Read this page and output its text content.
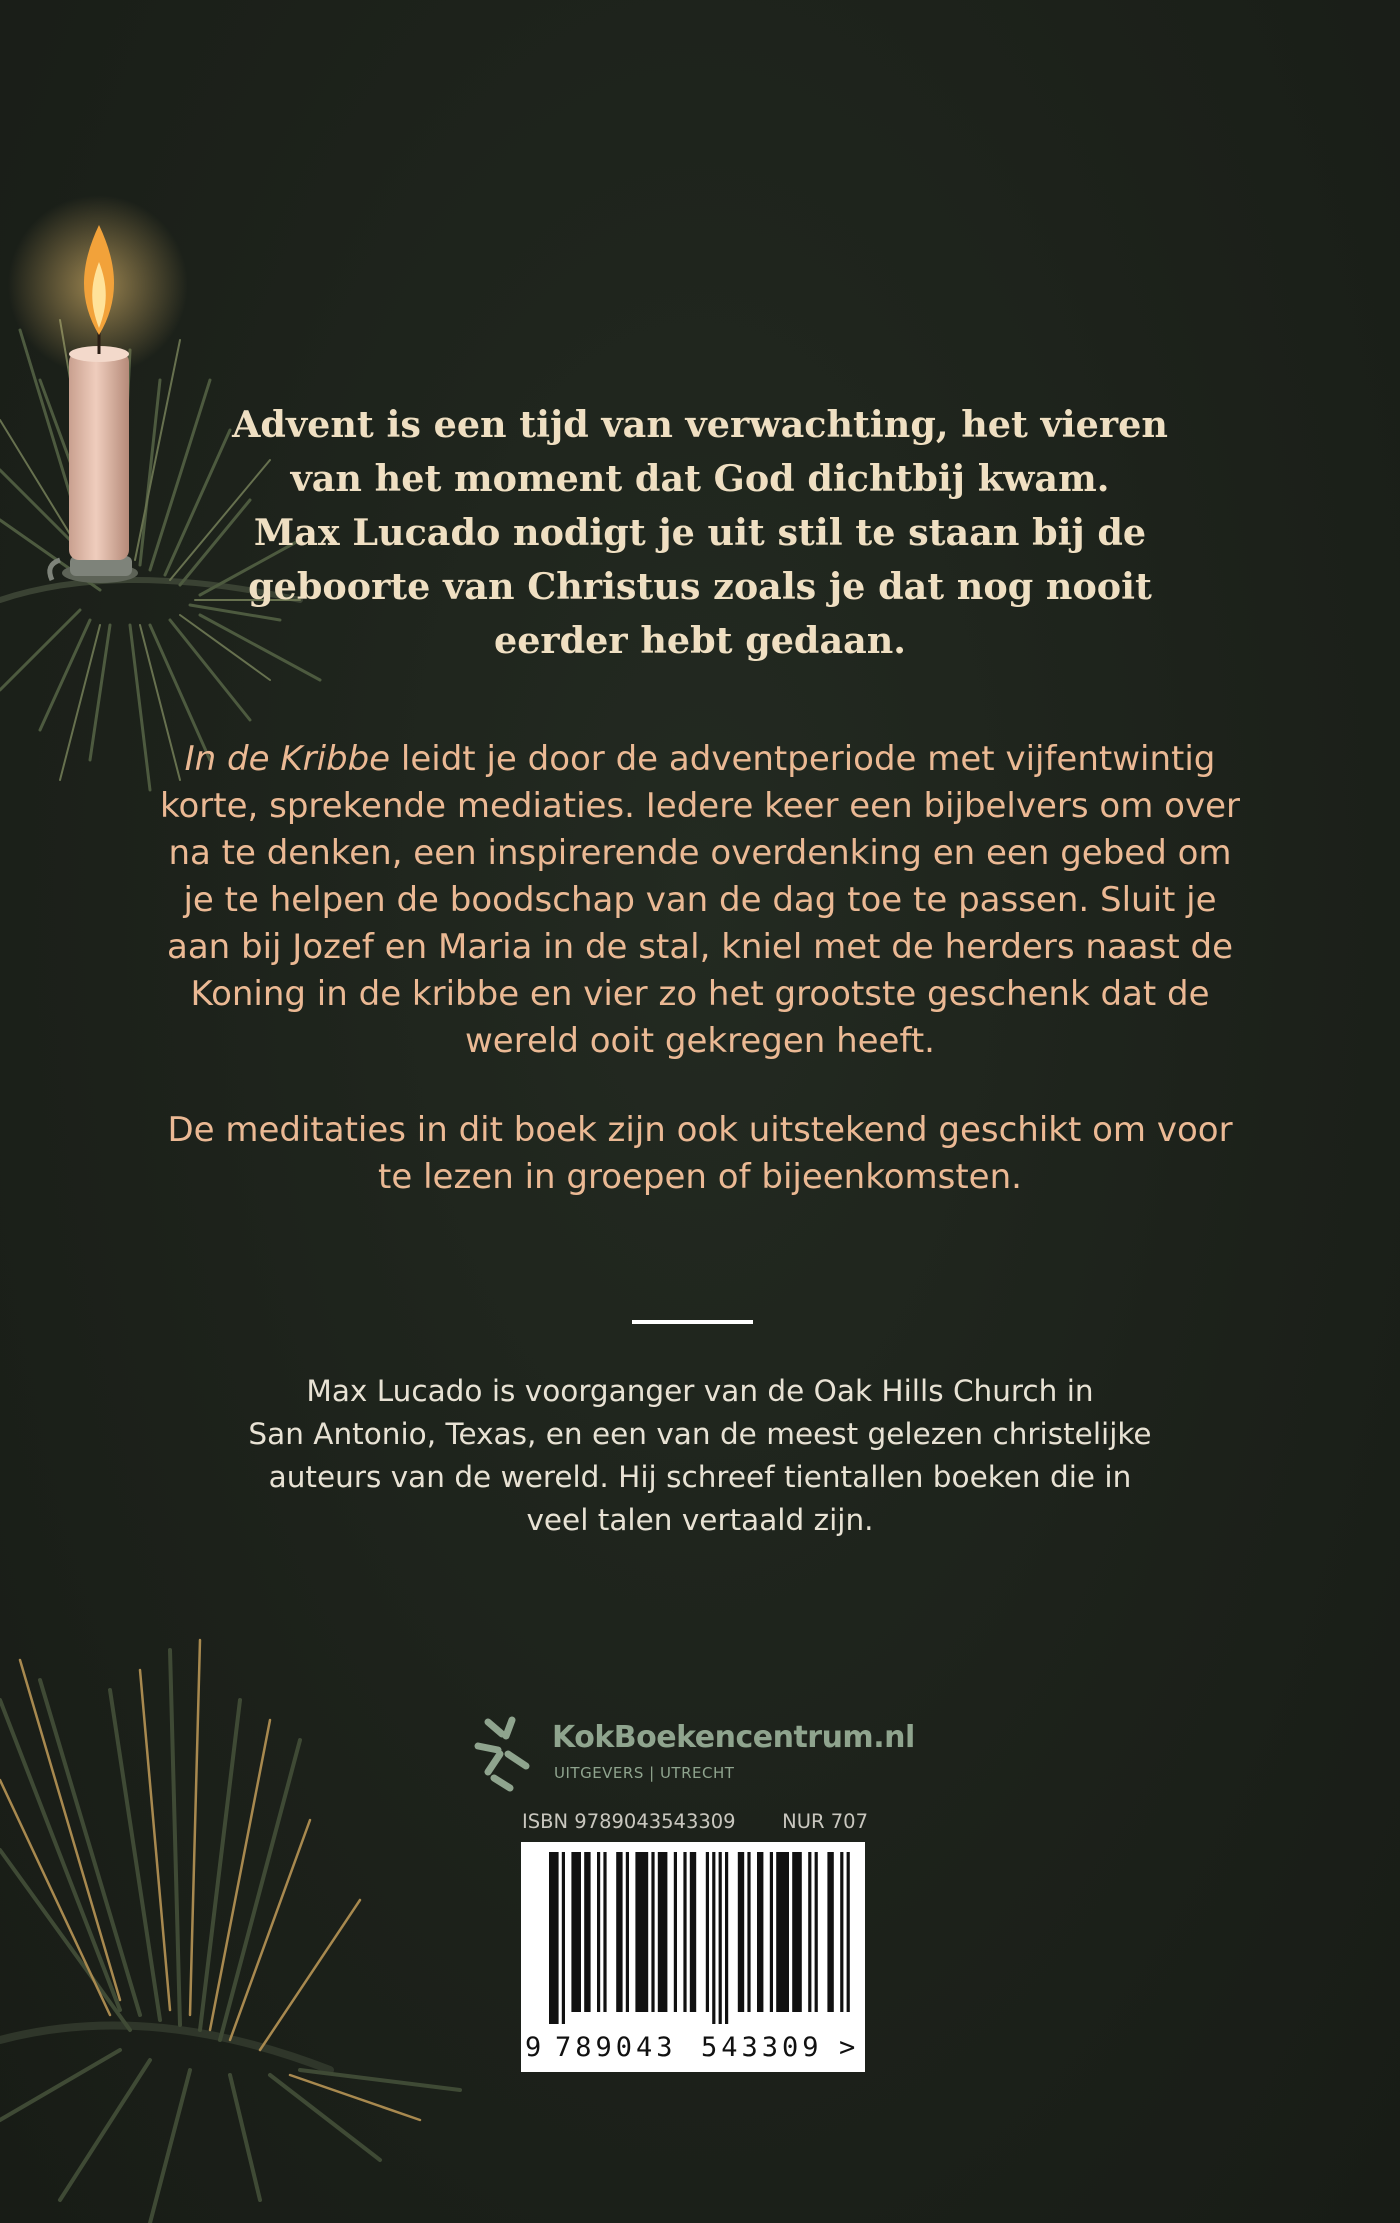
Advent is een tijd van verwachting, het vieren
van het moment dat God dichtbij kwam.
Max Lucado nodigt je uit stil te staan bij de
geboorte van Christus zoals je dat nog nooit
eerder hebt gedaan.
In de Kribbe leidt je door de adventperiode met vijfentwintig
korte, sprekende mediaties. Iedere keer een bijbelvers om over
na te denken, een inspirerende overdenking en een gebed om
je te helpen de boodschap van de dag toe te passen. Sluit je
aan bij Jozef en Maria in de stal, kniel met de herders naast de
Koning in de kribbe en vier zo het grootste geschenk dat de
wereld ooit gekregen heeft.
De meditaties in dit boek zijn ook uitstekend geschikt om voor
te lezen in groepen of bijeenkomsten.
Max Lucado is voorganger van de Oak Hills Church in
San Antonio, Texas, en een van de meest gelezen christelijke
auteurs van de wereld. Hij schreef tientallen boeken die in
veel talen vertaald zijn.
KokBoekencentrum.nl
UITGEVERS | UTRECHT
ISBN 9789043543309 NUR 707
9 789043 543309 >
